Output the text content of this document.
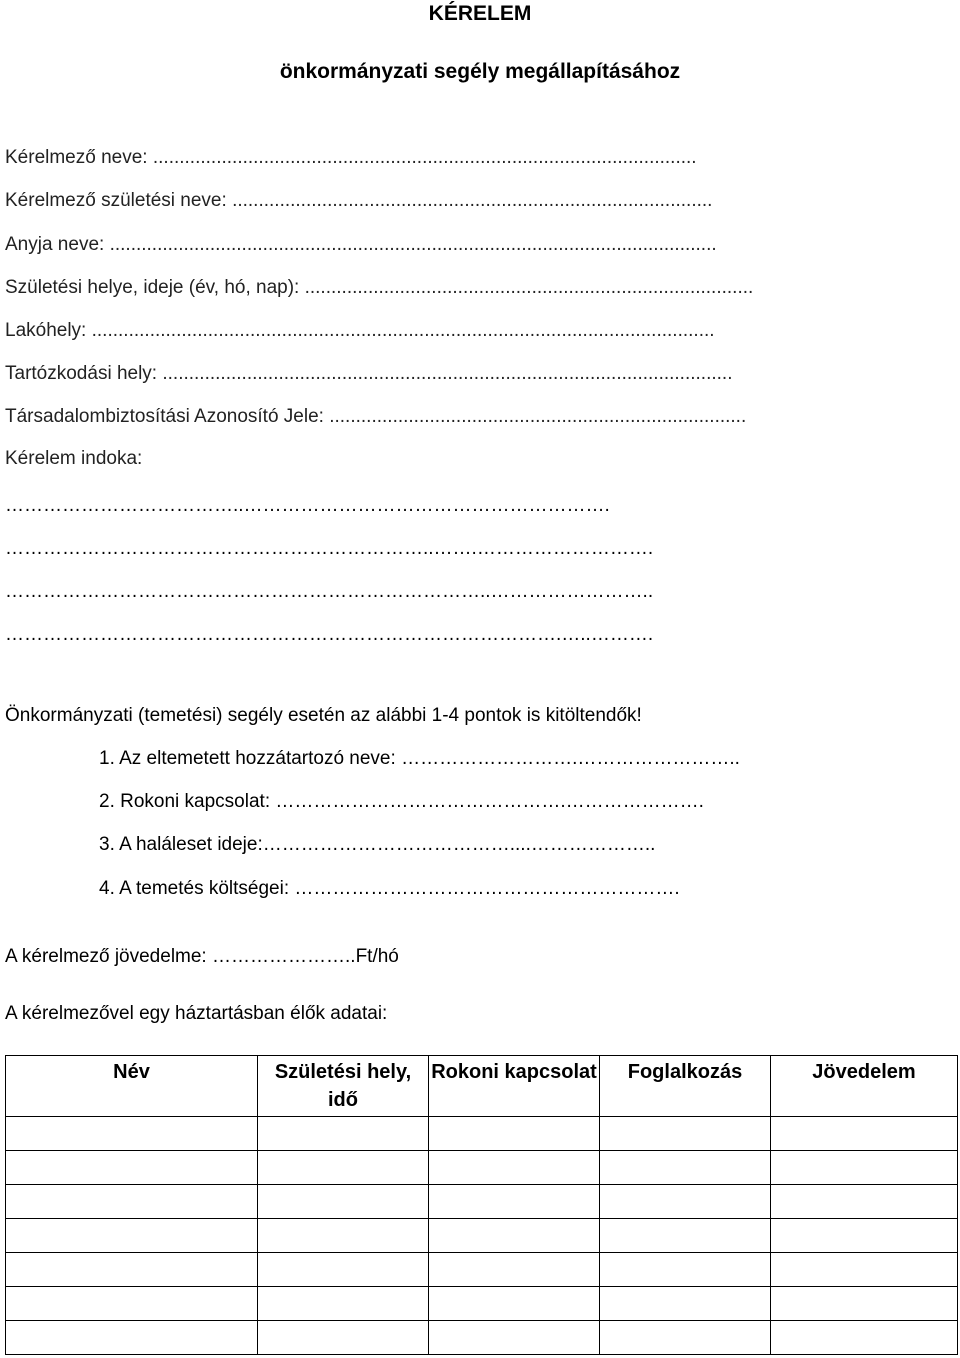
KÉRELEM
önkormányzati segély megállapításához
Kérelmező neve: .......................................................................................................
Kérelmező születési neve: ...........................................................................................
Anyja neve: ...................................................................................................................
Születési helye, ideje (év, hó, nap): .....................................................................................
Lakóhely: ......................................................................................................................
Tartózkodási hely: ............................................................................................................
Társadalombiztosítási Azonosító Jele: ...............................................................................
Kérelem indoka:
………………………………..………………………………………………….
…………………………………………………………..…….……………………….
…………………………………………………………………..……………………..
…………………………………………………………………………….…..……….
Önkormányzati (temetési) segély esetén az alábbi 1-4 pontok is kitöltendők!
1. Az eltemetett hozzátartozó neve: ……………………….……………………..
2. Rokoni kapcsolat: ……………………………………….………………….
3. A haláleset ideje:…………………………………....………………..
4. A temetés költségei: …………………………………………………….
A kérelmező jövedelme: …………………..Ft/hó
A kérelmezővel egy háztartásban élők adatai:
Név	Születési hely, idő	Rokoni kapcsolat	Foglalkozás	Jövedelem
